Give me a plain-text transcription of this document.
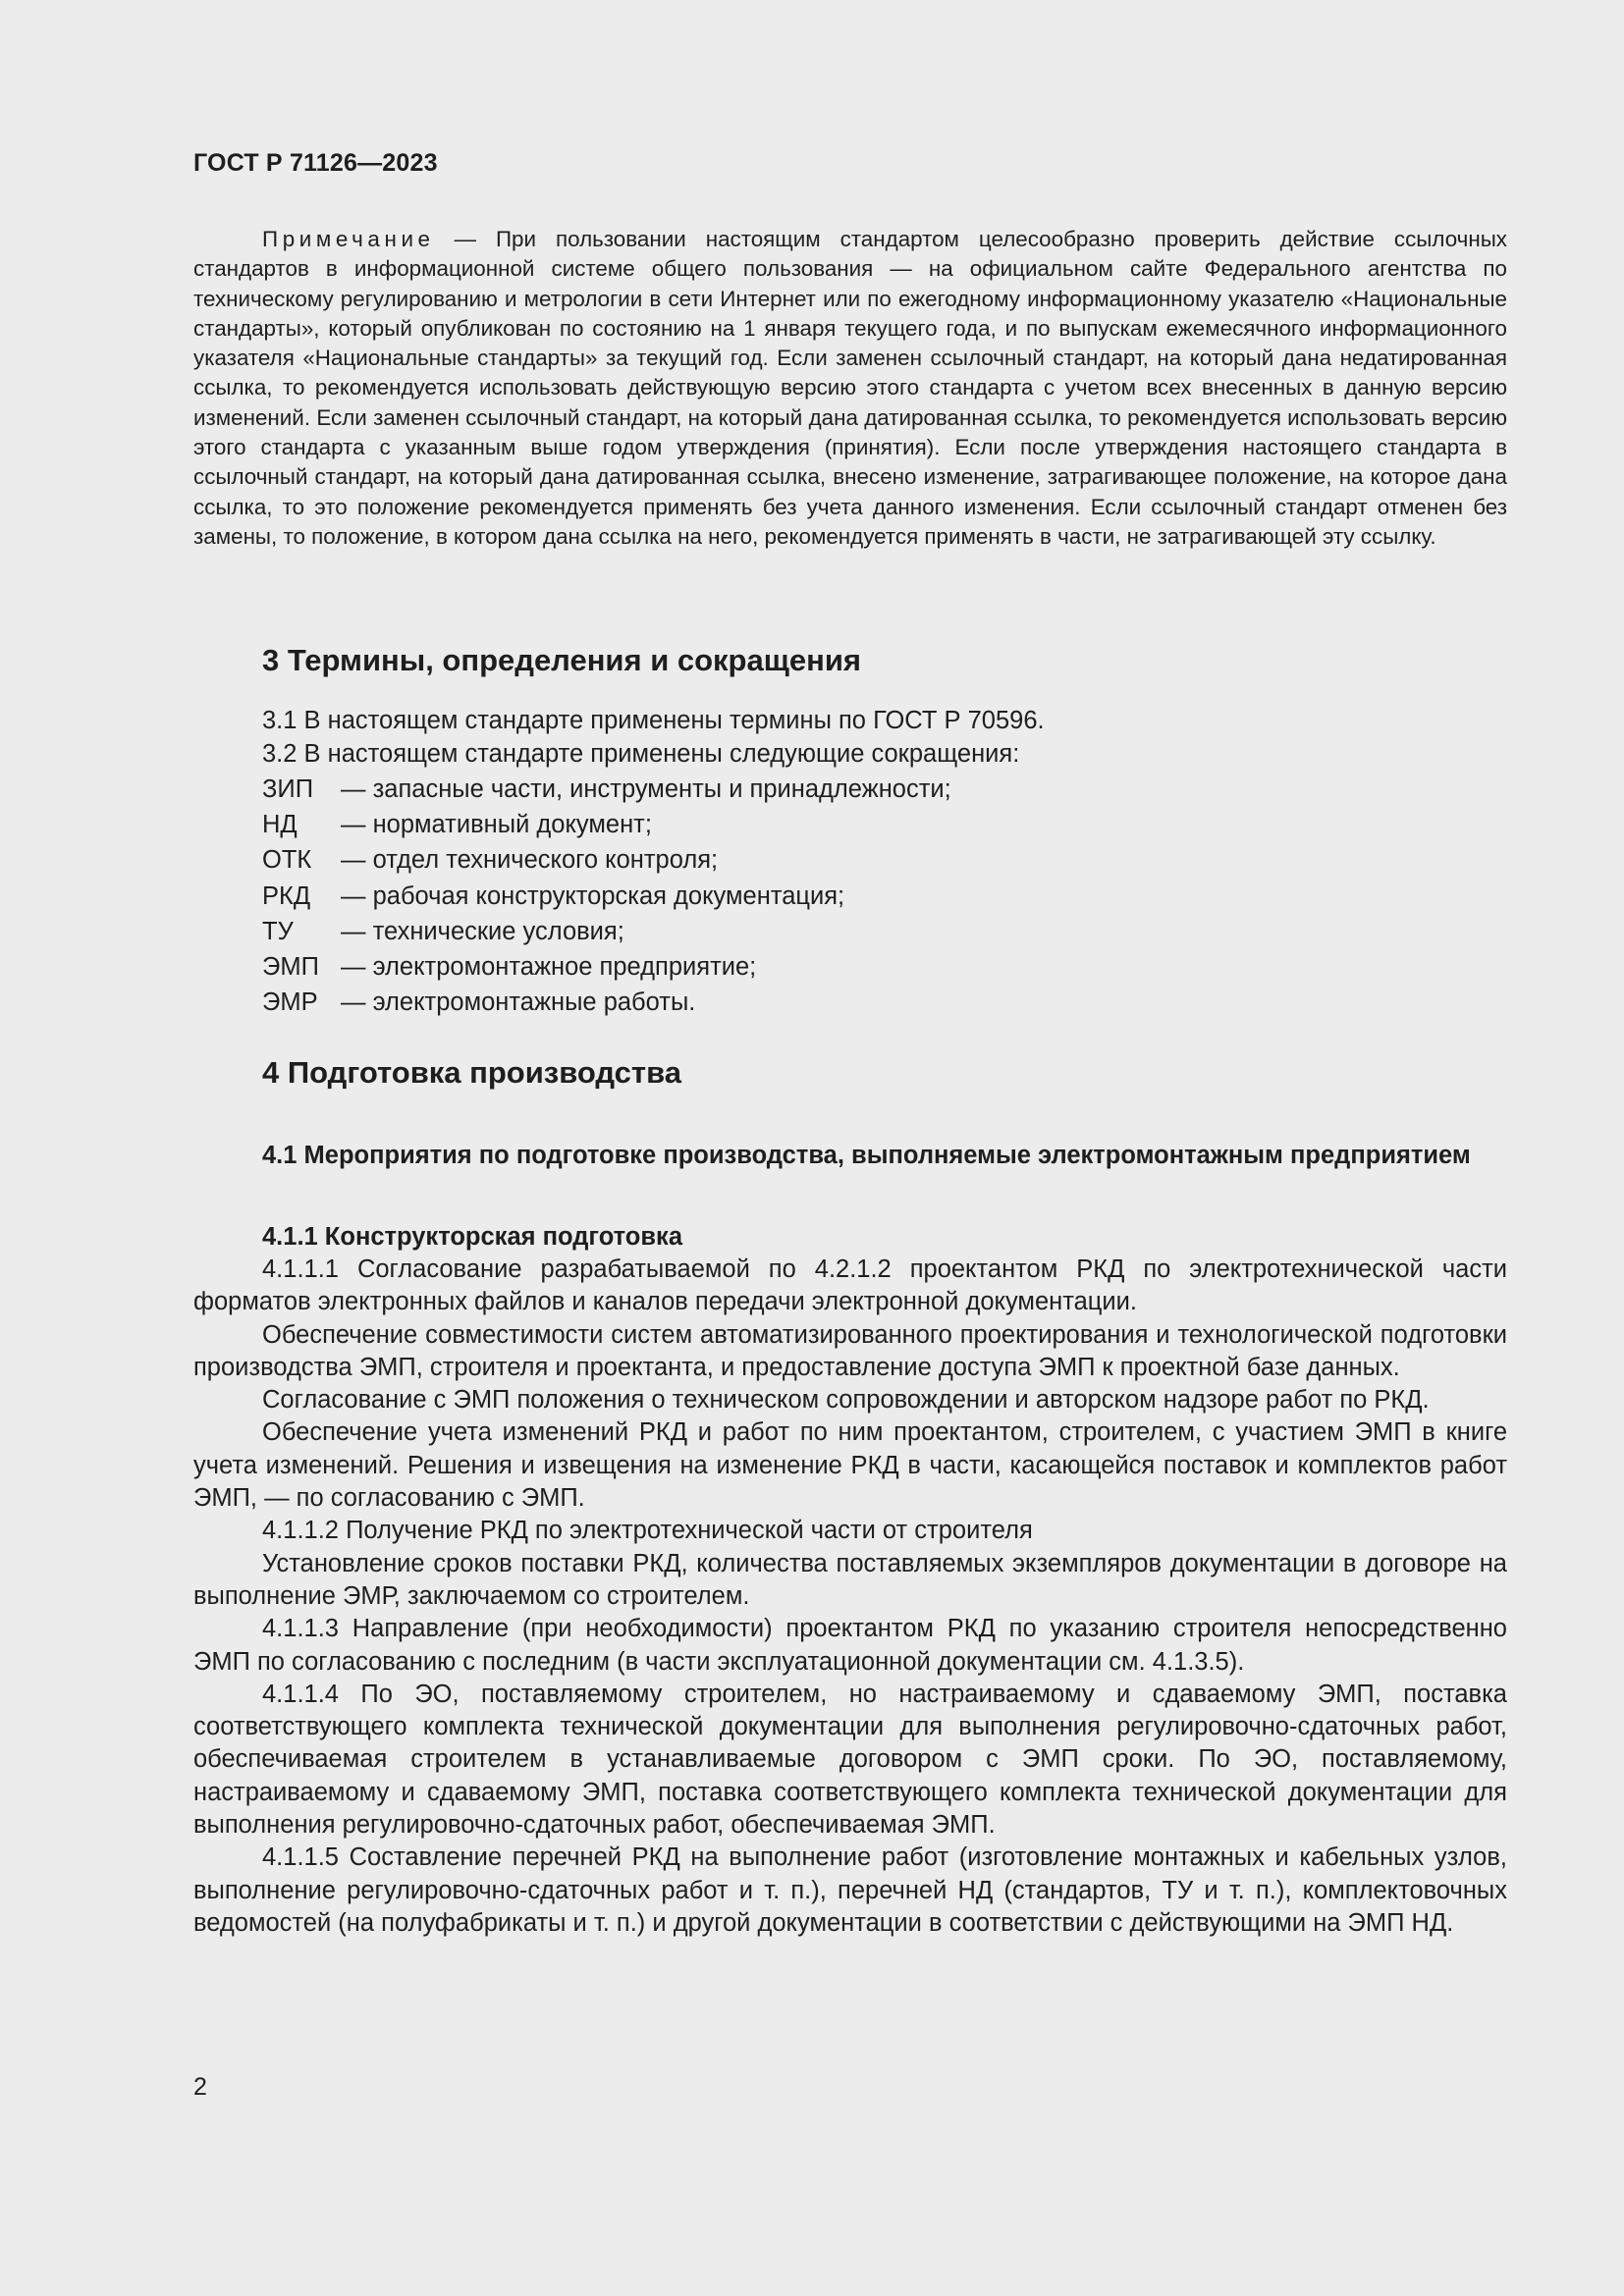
ГОСТ Р 71126—2023

Примечание — При пользовании настоящим стандартом целесообразно проверить действие ссылочных стандартов в информационной системе общего пользования — на официальном сайте Федерального агентства по техническому регулированию и метрологии в сети Интернет или по ежегодному информационному указателю «Национальные стандарты», который опубликован по состоянию на 1 января текущего года, и по выпускам ежемесячного информационного указателя «Национальные стандарты» за текущий год. Если заменен ссылочный стандарт, на который дана недатированная ссылка, то рекомендуется использовать действующую версию этого стандарта с учетом всех внесенных в данную версию изменений. Если заменен ссылочный стандарт, на который дана датированная ссылка, то рекомендуется использовать версию этого стандарта с указанным выше годом утверждения (принятия). Если после утверждения настоящего стандарта в ссылочный стандарт, на который дана датированная ссылка, внесено изменение, затрагивающее положение, на которое дана ссылка, то это положение рекомендуется применять без учета данного изменения. Если ссылочный стандарт отменен без замены, то положение, в котором дана ссылка на него, рекомендуется применять в части, не затрагивающей эту ссылку.

3 Термины, определения и сокращения

3.1 В настоящем стандарте применены термины по ГОСТ Р 70596.

3.2 В настоящем стандарте применены следующие сокращения:

ЗИП — запасные части, инструменты и принадлежности;
НД — нормативный документ;
ОТК — отдел технического контроля;
РКД — рабочая конструкторская документация;
ТУ — технические условия;
ЭМП — электромонтажное предприятие;
ЭМР — электромонтажные работы.
4 Подготовка производства
4.1 Мероприятия по подготовке производства, выполняемые электромонтажным предприятием
4.1.1 Конструкторская подготовка

4.1.1.1 Согласование разрабатываемой по 4.2.1.2 проектантом РКД по электротехнической части форматов электронных файлов и каналов передачи электронной документации.

Обеспечение совместимости систем автоматизированного проектирования и технологической подготовки производства ЭМП, строителя и проектанта, и предоставление доступа ЭМП к проектной базе данных.

Согласование с ЭМП положения о техническом сопровождении и авторском надзоре работ по РКД.

Обеспечение учета изменений РКД и работ по ним проектантом, строителем, с участием ЭМП в книге учета изменений. Решения и извещения на изменение РКД в части, касающейся поставок и комплектов работ ЭМП, — по согласованию с ЭМП.

4.1.1.2 Получение РКД по электротехнической части от строителя

Установление сроков поставки РКД, количества поставляемых экземпляров документации в договоре на выполнение ЭМР, заключаемом со строителем.

4.1.1.3 Направление (при необходимости) проектантом РКД по указанию строителя непосредственно ЭМП по согласованию с последним (в части эксплуатационной документации см. 4.1.3.5).

4.1.1.4 По ЭО, поставляемому строителем, но настраиваемому и сдаваемому ЭМП, поставка соответствующего комплекта технической документации для выполнения регулировочно-сдаточных работ, обеспечиваемая строителем в устанавливаемые договором с ЭМП сроки. По ЭО, поставляемому, настраиваемому и сдаваемому ЭМП, поставка соответствующего комплекта технической документации для выполнения регулировочно-сдаточных работ, обеспечиваемая ЭМП.

4.1.1.5 Составление перечней РКД на выполнение работ (изготовление монтажных и кабельных узлов, выполнение регулировочно-сдаточных работ и т. п.), перечней НД (стандартов, ТУ и т. п.), комплектовочных ведомостей (на полуфабрикаты и т. п.) и другой документации в соответствии с действующими на ЭМП НД.

2
